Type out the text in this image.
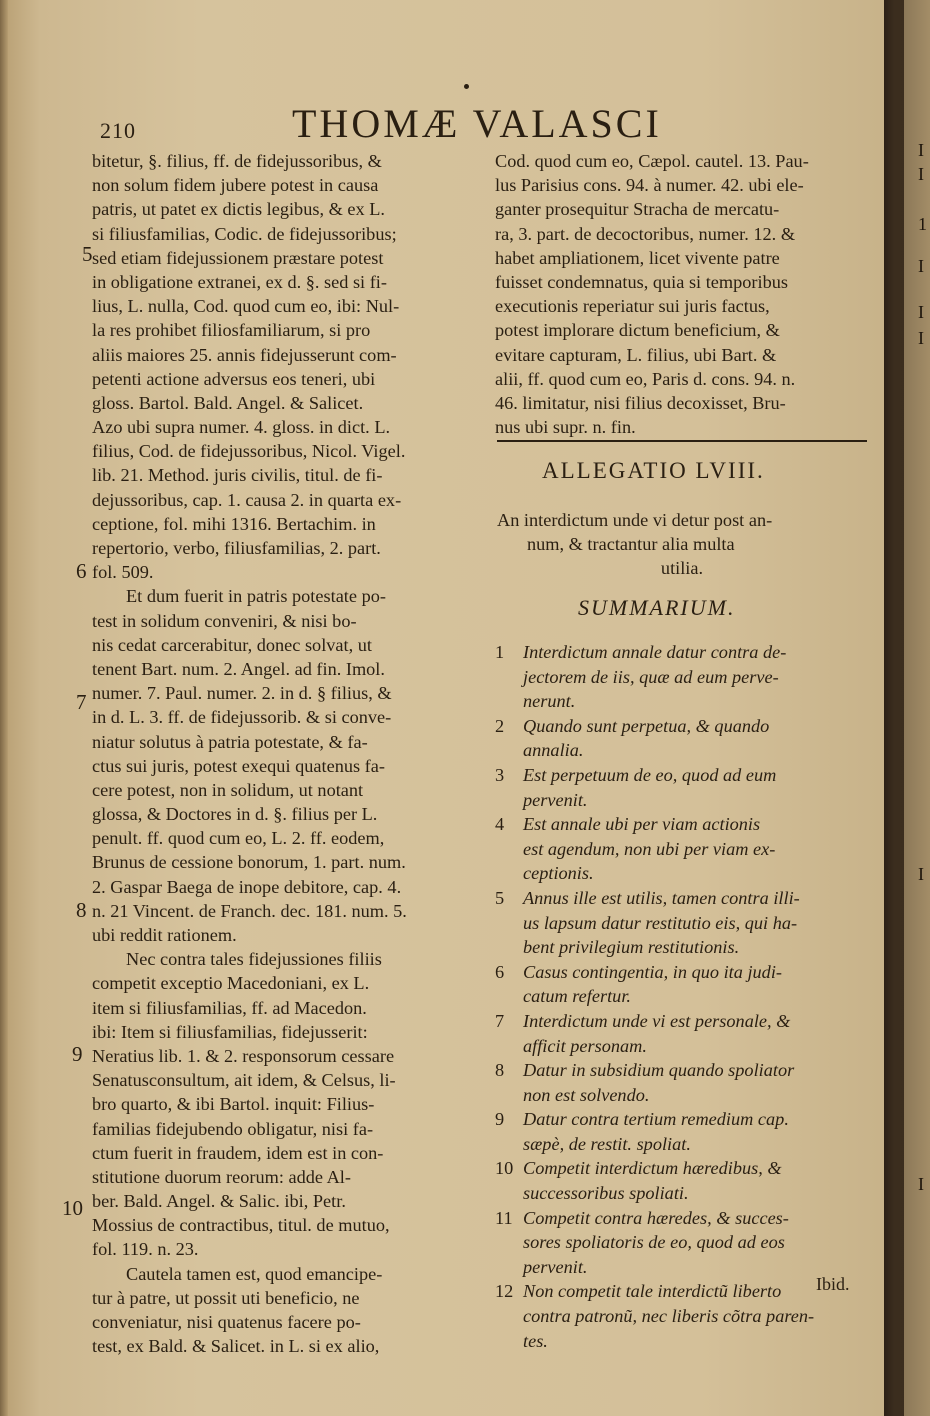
I
I
1
I
I
I
I
I
210	THOMÆ VALASCI
bitetur, §. filius, ff. de fidejussoribus, &
non solum fidem jubere potest in causa
patris, ut patet ex dictis legibus, & ex L.
si filiusfamilias, Codic. de fidejussoribus;
sed etiam fidejussionem præstare potest
in obligatione extranei, ex d. §. sed si fi-
lius, L. nulla, Cod. quod cum eo, ibi: Nul-
la res prohibet filiosfamiliarum, si pro
aliis maiores 25. annis fidejusserunt com-
petenti actione adversus eos teneri, ubi
gloss. Bartol. Bald. Angel. & Salicet.
Azo ubi supra numer. 4. gloss. in dict. L.
filius, Cod. de fidejussoribus, Nicol. Vigel.
lib. 21. Method. juris civilis, titul. de fi-
dejussoribus, cap. 1. causa 2. in quarta ex-
ceptione, fol. mihi 1316. Bertachim. in
repertorio, verbo, filiusfamilias, 2. part.
fol. 509.
Et dum fuerit in patris potestate po-
test in solidum conveniri, & nisi bo-
nis cedat carcerabitur, donec solvat, ut
tenent Bart. num. 2. Angel. ad fin. Imol.
numer. 7. Paul. numer. 2. in d. § filius, &
in d. L. 3. ff. de fidejussorib. & si conve-
niatur solutus à patria potestate, & fa-
ctus sui juris, potest exequi quatenus fa-
cere potest, non in solidum, ut notant
glossa, & Doctores in d. §. filius per L.
penult. ff. quod cum eo, L. 2. ff. eodem,
Brunus de cessione bonorum, 1. part. num.
2. Gaspar Baega de inope debitore, cap. 4.
n. 21 Vincent. de Franch. dec. 181. num. 5.
ubi reddit rationem.
Nec contra tales fidejussiones filiis
competit exceptio Macedoniani, ex L.
item si filiusfamilias, ff. ad Macedon.
ibi: Item si filiusfamilias, fidejusserit:
Neratius lib. 1. & 2. responsorum cessare
Senatusconsultum, ait idem, & Celsus, li-
bro quarto, & ibi Bartol. inquit: Filius-
familias fidejubendo obligatur, nisi fa-
ctum fuerit in fraudem, idem est in con-
stitutione duorum reorum: adde Al-
ber. Bald. Angel. & Salic. ibi, Petr.
Mossius de contractibus, titul. de mutuo,
fol. 119. n. 23.
Cautela tamen est, quod emancipe-
tur à patre, ut possit uti beneficio, ne
conveniatur, nisi quatenus facere po-
test, ex Bald. & Salicet. in L. si ex alio,
5
6
7
8
9
10
Cod. quod cum eo, Cæpol. cautel. 13. Pau-
lus Parisius cons. 94. à numer. 42. ubi ele-
ganter prosequitur Stracha de mercatu-
ra, 3. part. de decoctoribus, numer. 12. &
habet ampliationem, licet vivente patre
fuisset condemnatus, quia si temporibus
executionis reperiatur sui juris factus,
potest implorare dictum beneficium, &
evitare capturam, L. filius, ubi Bart. &
alii, ff. quod cum eo, Paris d. cons. 94. n.
46. limitatur, nisi filius decoxisset, Bru-
nus ubi supr. n. fin.
ALLEGATIO LVIII.
An interdictum unde vi detur post an-
num, & tractantur alia multa
utilia.
SUMMARIUM.
1 Interdictum annale datur contra de-
jectorem de iis, quæ ad eum perve-
nerunt.
2 Quando sunt perpetua, & quando
annalia.
3 Est perpetuum de eo, quod ad eum
pervenit.
4 Est annale ubi per viam actionis
est agendum, non ubi per viam ex-
ceptionis.
5 Annus ille est utilis, tamen contra illi-
us lapsum datur restitutio eis, qui ha-
bent privilegium restitutionis.
6 Casus contingentia, in quo ita judi-
catum refertur.
7 Interdictum unde vi est personale, &
afficit personam.
8 Datur in subsidium quando spoliator
non est solvendo.
9 Datur contra tertium remedium cap.
sæpè, de restit. spoliat.
10 Competit interdictum hæredibus, &
successoribus spoliati.
11 Competit contra hæredes, & succes-
sores spoliatoris de eo, quod ad eos
pervenit.
12 Non competit tale interdictũ liberto
contra patronũ, nec liberis cõtra paren-
tes.
Ibid.
